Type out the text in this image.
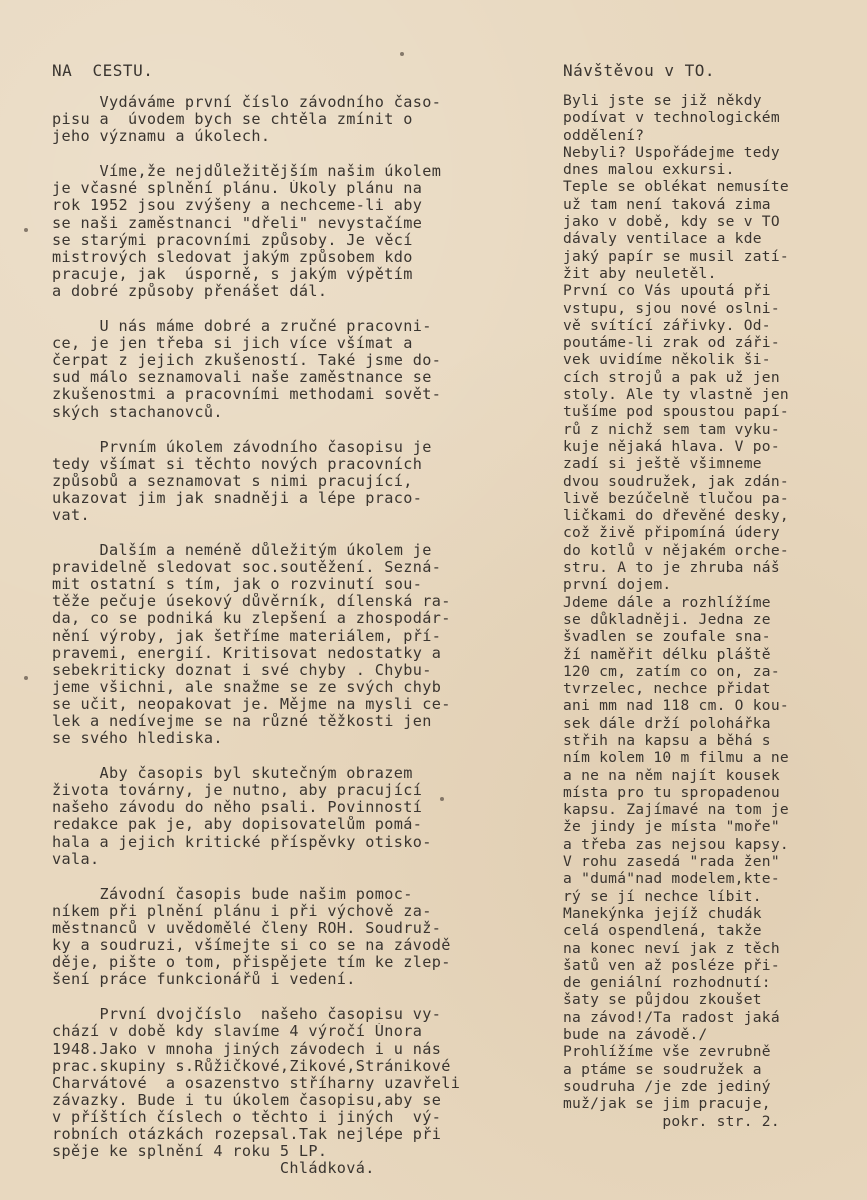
NA  CESTU.
Vydáváme první číslo závodního časo-
pisu a  úvodem bych se chtěla zmínit o
jeho významu a úkolech.
Víme,že nejdůležitějším našim úkolem
je včasné splnění plánu. Úkoly plánu na
rok 1952 jsou zvýšeny a nechceme-li aby
se naši zaměstnanci "dřeli" nevystačíme
se starými pracovními způsoby. Je věcí
mistrových sledovat jakým způsobem kdo
pracuje, jak  úsporně, s jakým výpětím
a dobré způsoby přenášet dál.
U nás máme dobré a zručné pracovni-
ce, je jen třeba si jich více všímat a
čerpat z jejich zkušeností. Také jsme do-
sud málo seznamovali naše zaměstnance se
zkušenostmi a pracovními methodami sovět-
ských stachanovců.
Prvním úkolem závodního časopisu je
tedy všímat si těchto nových pracovních
způsobů a seznamovat s nimi pracující,
ukazovat jim jak snadněji a lépe praco-
vat.
Dalším a neméně důležitým úkolem je
pravidelně sledovat soc.soutěžení. Sezná-
mit ostatní s tím, jak o rozvinutí sou-
těže pečuje úsekový důvěrník, dílenská ra-
da, co se podniká ku zlepšení a zhospodár-
nění výroby, jak šetříme materiálem, pří-
pravemi, energií. Kritisovat nedostatky a
sebekriticky doznat i své chyby . Chybu-
jeme všichni, ale snažme se ze svých chyb
se učit, neopakovat je. Mějme na mysli ce-
lek a nedívejme se na různé těžkosti jen
se svého hlediska.
Aby časopis byl skutečným obrazem
života továrny, je nutno, aby pracující
našeho závodu do něho psali. Povinností
redakce pak je, aby dopisovatelům pomá-
hala a jejich kritické příspěvky otisko-
vala.
Závodní časopis bude našim pomoc-
níkem při plnění plánu i při výchově za-
městnanců v uvědomělé členy ROH. Soudruž-
ky a soudruzi, všímejte si co se na závodě
děje, pište o tom, přispějete tím ke zlep-
šení práce funkcionářů i vedení.
První dvojčíslo  našeho časopisu vy-
chází v době kdy slavíme 4 výročí Února
1948.Jako v mnoha jiných závodech i u nás
prac.skupiny s.Růžičkové,Zikové,Stránikové
Charvátové  a osazenstvo stříharny uzavřeli
závazky. Bude i tu úkolem časopisu,aby se
v příštích číslech o těchto i jiných  vý-
robních otázkách rozepsal.Tak nejlépe při
spěje ke splnění 4 roku 5 LP.
Chládková.
Návštěvou v TO.
Byli jste se již někdy
podívat v technologickém
oddělení?
Nebyli? Uspořádejme tedy
dnes malou exkursi.
Teple se oblékat nemusíte
už tam není taková zima
jako v době, kdy se v TO
dávaly ventilace a kde
jaký papír se musil zatí-
žit aby neuletěl.
První co Vás upoutá při
vstupu, sjou nové oslni-
vě svítící zářivky. Od-
poutáme-li zrak od záři-
vek uvidíme několik ši-
cích strojů a pak už jen
stoly. Ale ty vlastně jen
tušíme pod spoustou papí-
rů z nichž sem tam vyku-
kuje nějaká hlava. V po-
zadí si ještě všimneme
dvou soudružek, jak zdán-
livě bezúčelně tlučou pa-
ličkami do dřevěné desky,
což živě připomíná údery
do kotlů v nějakém orche-
stru. A to je zhruba náš
první dojem.
Jdeme dále a rozhlížíme
se důkladněji. Jedna ze
švadlen se zoufale sna-
ží naměřit délku pláště
120 cm, zatím co on, za-
tvrzelec, nechce přidat
ani mm nad 118 cm. O kou-
sek dále drží polohářka
střih na kapsu a běhá s
ním kolem 10 m filmu a ne
a ne na něm najít kousek
místa pro tu spropadenou
kapsu. Zajímavé na tom je
že jindy je místa "moře"
a třeba zas nejsou kapsy.
V rohu zasedá "rada žen"
a "dumá"nad modelem,kte-
rý se jí nechce líbit.
Manekýnka jejíž chudák
celá ospendlená, takže
na konec neví jak z těch
šatů ven až posléze při-
de geniální rozhodnutí:
šaty se půjdou zkoušet
na závod!/Ta radost jaká
bude na závodě./
Prohlížíme vše zevrubně
a ptáme se soudružek a
soudruha /je zde jediný
muž/jak se jim pracuje,
pokr. str. 2.
